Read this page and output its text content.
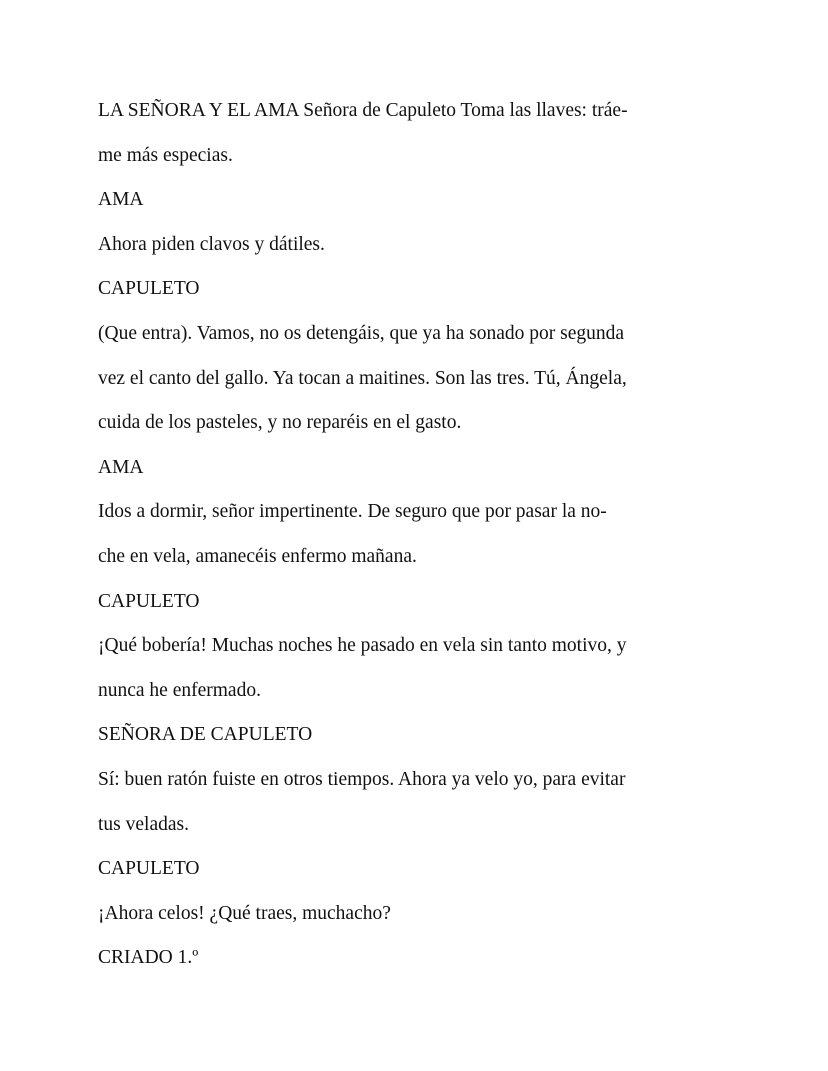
LA SEÑORA Y EL AMA Señora de Capuleto Toma las llaves: tráe-
me más especias.
AMA
Ahora piden clavos y dátiles.
CAPULETO
(Que entra). Vamos, no os detengáis, que ya ha sonado por segunda
vez el canto del gallo. Ya tocan a maitines. Son las tres. Tú, Ángela,
cuida de los pasteles, y no reparéis en el gasto.
AMA
Idos a dormir, señor impertinente. De seguro que por pasar la no-
che en vela, amanecéis enfermo mañana.
CAPULETO
¡Qué bobería! Muchas noches he pasado en vela sin tanto motivo, y
nunca he enfermado.
SEÑORA DE CAPULETO
Sí: buen ratón fuiste en otros tiempos. Ahora ya velo yo, para evitar
tus veladas.
CAPULETO
¡Ahora celos! ¿Qué traes, muchacho?
CRIADO 1.º
